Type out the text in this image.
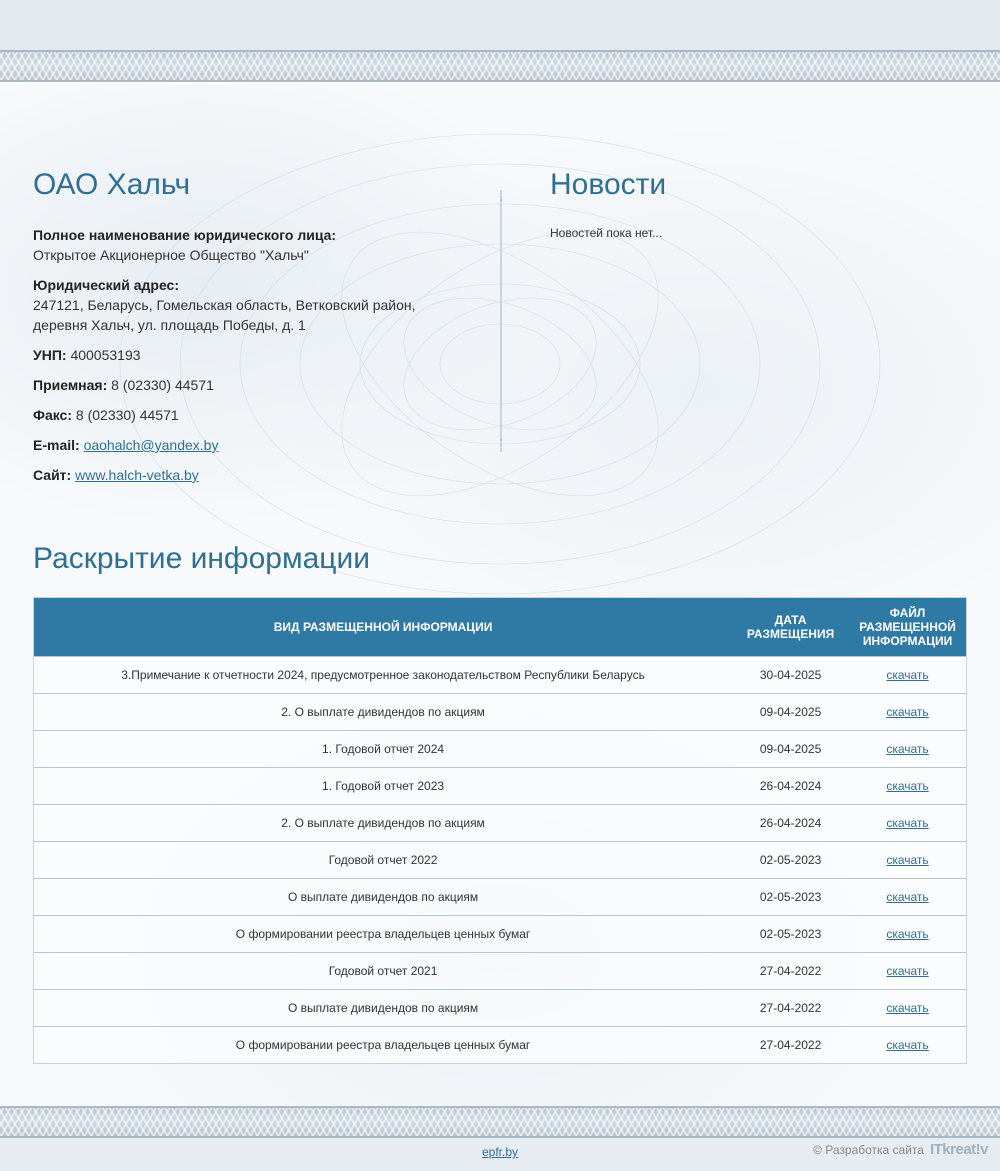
ОАО Хальч
Полное наименование юридического лица:
Открытое Акционерное Общество "Хальч"
Юридический адрес:
247121, Беларусь, Гомельская область, Ветковский район,
деревня Хальч, ул. площадь Победы, д. 1
УНП: 400053193
Приемная: 8 (02330) 44571
Факс: 8 (02330) 44571
E-mail: oaohalch@yandex.by
Сайт: www.halch-vetka.by
Новости
Новостей пока нет...
Раскрытие информации
ВИД РАЗМЕЩЕННОЙ ИНФОРМАЦИИ	ДАТА РАЗМЕЩЕНИЯ	ФАЙЛ РАЗМЕЩЕННОЙ ИНФОРМАЦИИ
3.Примечание к отчетности 2024, предусмотренное законодательством Республики Беларусь	30-04-2025	скачать
2. О выплате дивидендов по акциям	09-04-2025	скачать
1. Годовой отчет 2024	09-04-2025	скачать
1. Годовой отчет 2023	26-04-2024	скачать
2. О выплате дивидендов по акциям	26-04-2024	скачать
Годовой отчет 2022	02-05-2023	скачать
О выплате дивидендов по акциям	02-05-2023	скачать
О формировании реестра владельцев ценных бумаг	02-05-2023	скачать
Годовой отчет 2021	27-04-2022	скачать
О выплате дивидендов по акциям	27-04-2022	скачать
О формировании реестра владельцев ценных бумаг	27-04-2022	скачать
epfr.by	© Разработка сайта ITkreat!v
